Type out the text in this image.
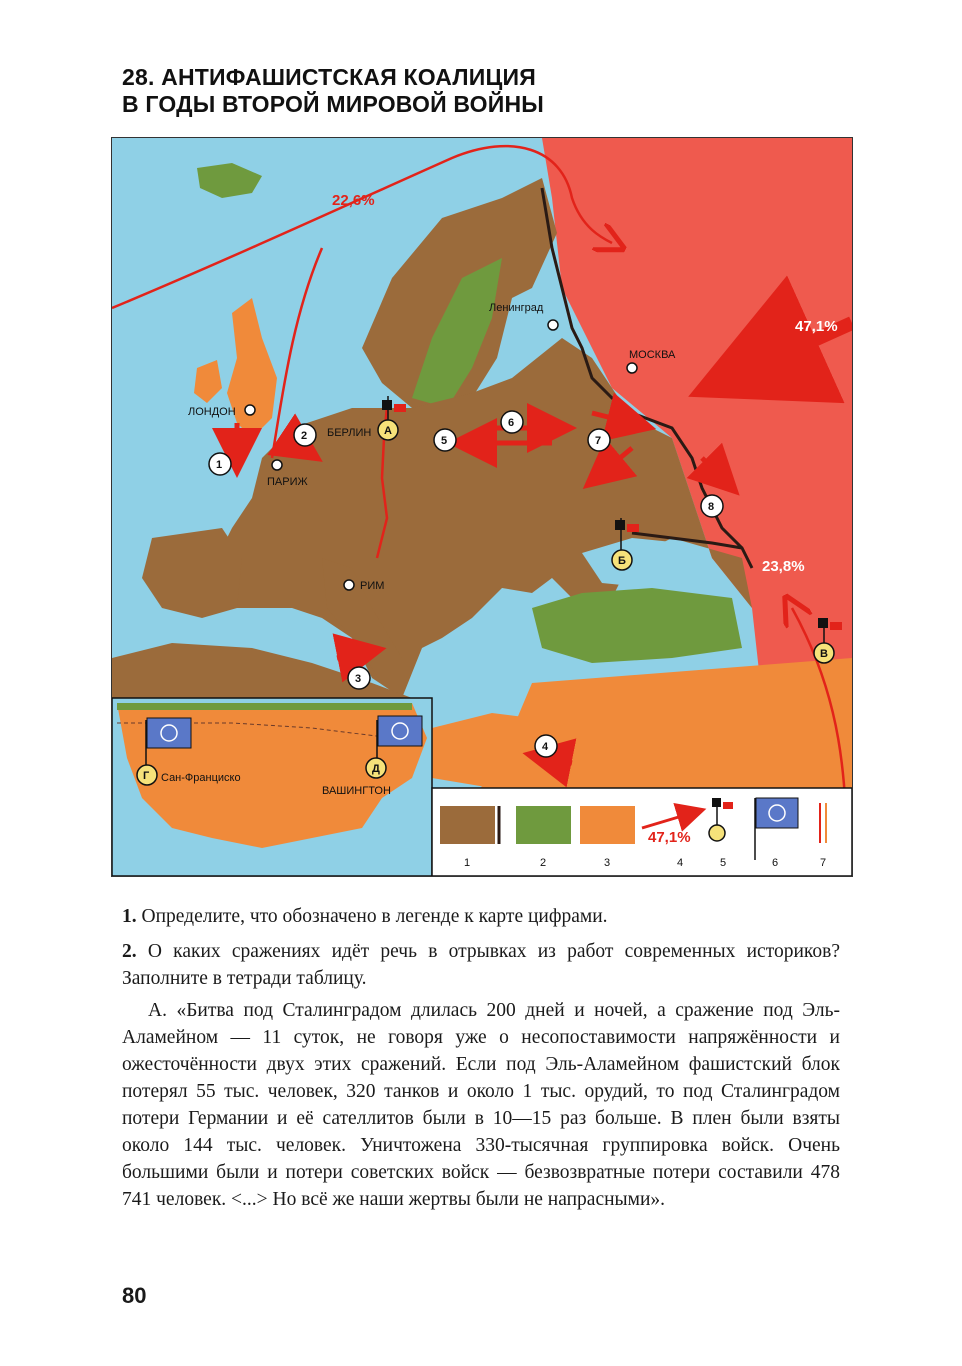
28. АНТИФАШИСТСКАЯ КОАЛИЦИЯ
В ГОДЫ ВТОРОЙ МИРОВОЙ ВОЙНЫ
22,6%
47,1%
23,8%
Ленинград
МОСКВА
ЛОНДОН
БЕРЛИН
ПАРИЖ
РИМ
1
2
3
4
5
6
7
8
А
Б
В
Г
Д
Сан-Франциско
ВАШИНГТОН
47,1%
1	2	3	4	5	6	7
1. Определите, что обозначено в легенде к карте цифрами.
2. О каких сражениях идёт речь в отрывках из работ современных историков? Заполните в тетради таблицу.
А. «Битва под Сталинградом длилась 200 дней и ночей, а сражение под Эль-Аламейном — 11 суток, не говоря уже о несопоставимости напряжённости и ожесточённости двух этих сражений. Если под Эль-Аламейном фашистский блок потерял 55 тыс. человек, 320 танков и около 1 тыс. орудий, то под Сталинградом потери Германии и её сателлитов были в 10—15 раз больше. В плен были взяты около 144 тыс. человек. Уничтожена 330-тысячная группировка войск. Очень большими были и потери советских войск — безвозвратные потери составили 478 741 человек. <...> Но всё же наши жертвы были не напрасными».
80
